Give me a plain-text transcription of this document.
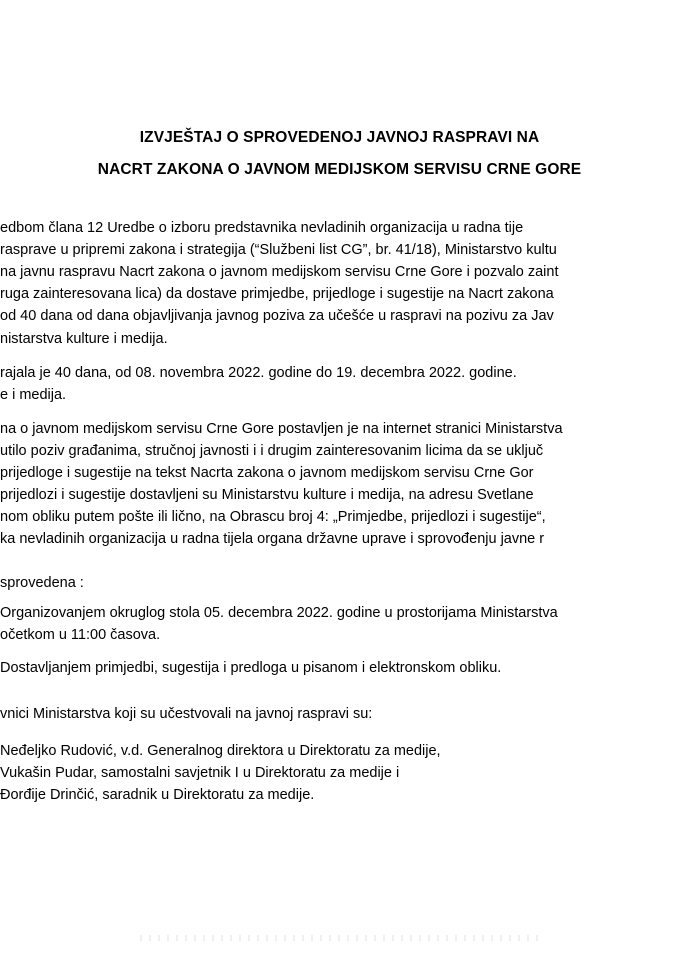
IZVJEŠTAJ O SPROVEDENOJ JAVNOJ RASPRAVI NA
NACRT ZAKONA O JAVNOM MEDIJSKOM SERVISU CRNE GORE
edbom člana 12 Uredbe o izboru predstavnika nevladinih organizacija u radna tije
rasprave u pripremi zakona i strategija (“Službeni list CG”, br. 41/18), Ministarstvo kultu
na javnu raspravu Nacrt zakona o javnom medijskom servisu Crne Gore i pozvalo zaint
ruga zainteresovana lica) da dostave primjedbe, prijedloge i sugestije na Nacrt zakona
od 40 dana od dana objavljivanja javnog poziva za učešće u raspravi na pozivu za Jav
nistarstva kulture i medija.
rajala je 40 dana, od 08. novembra 2022. godine do 19. decembra 2022. godine.
e i medija.
na o javnom medijskom servisu Crne Gore postavljen je na internet stranici Ministarstva
utilo poziv građanima, stručnoj javnosti i i drugim zainteresovanim licima da se uključ
prijedloge i sugestije na tekst Nacrta zakona o javnom medijskom servisu Crne Gor
prijedlozi i sugestije dostavljeni su Ministarstvu kulture i medija, na adresu Svetlane
nom obliku putem pošte ili lično, na Obrascu broj 4: „Primjedbe, prijedlozi i sugestije“,
ka nevladinih organizacija u radna tijela organa državne uprave i sprovođenju javne r
sprovedena :
Organizovanjem okruglog stola 05. decembra 2022. godine u prostorijama Ministarstva
očetkom u 11:00 časova.
Dostavljanjem primjedbi, sugestija i predloga u pisanom i elektronskom obliku.
vnici Ministarstva koji su učestvovali na javnoj raspravi su:
Neđeljko Rudović, v.d. Generalnog direktora u Direktoratu za medije,
Vukašin Pudar, samostalni savjetnik I u Direktoratu za medije i
Đorđije Drinčić, saradnik u Direktoratu za medije.
